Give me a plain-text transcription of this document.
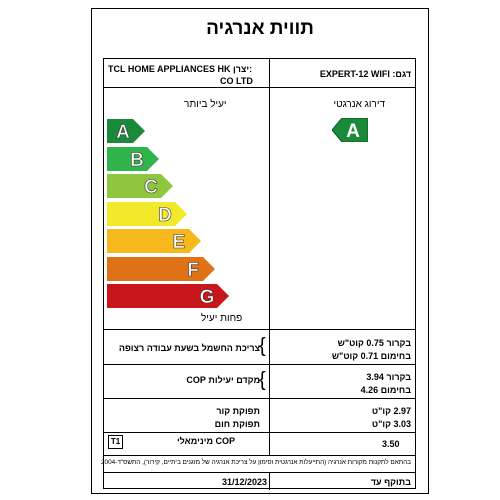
תווית אנרגיה
דגם: EXPERT-12 WIFI
TCL HOME APPLIANCES HK יצרן:
CO LTD
דירוג אנרגטי
A
יעיל ביותר
A
B
C
D
E
F
G
פחות יעיל
בקרור 0.75 קוט"ש
בחימום 0.71 קוט"ש
צריכת החשמל בשעת עבודה רצופה {
בקרור 3.94
בחימום 4.26
מקדם יעילות COP {
2.97 קו"ט
3.03 קו"ט
תפוקת קור
תפוקת חום
3.50
COP מינימאלי
T1
בהתאם לתקנות מקורות אנרגיה (התייעלות אנרגטית וסימון על צריכת אנרגיה של מזגנים ביתיים, קירור), התשס"ד-2004
בתוקף עד
31/12/2023
